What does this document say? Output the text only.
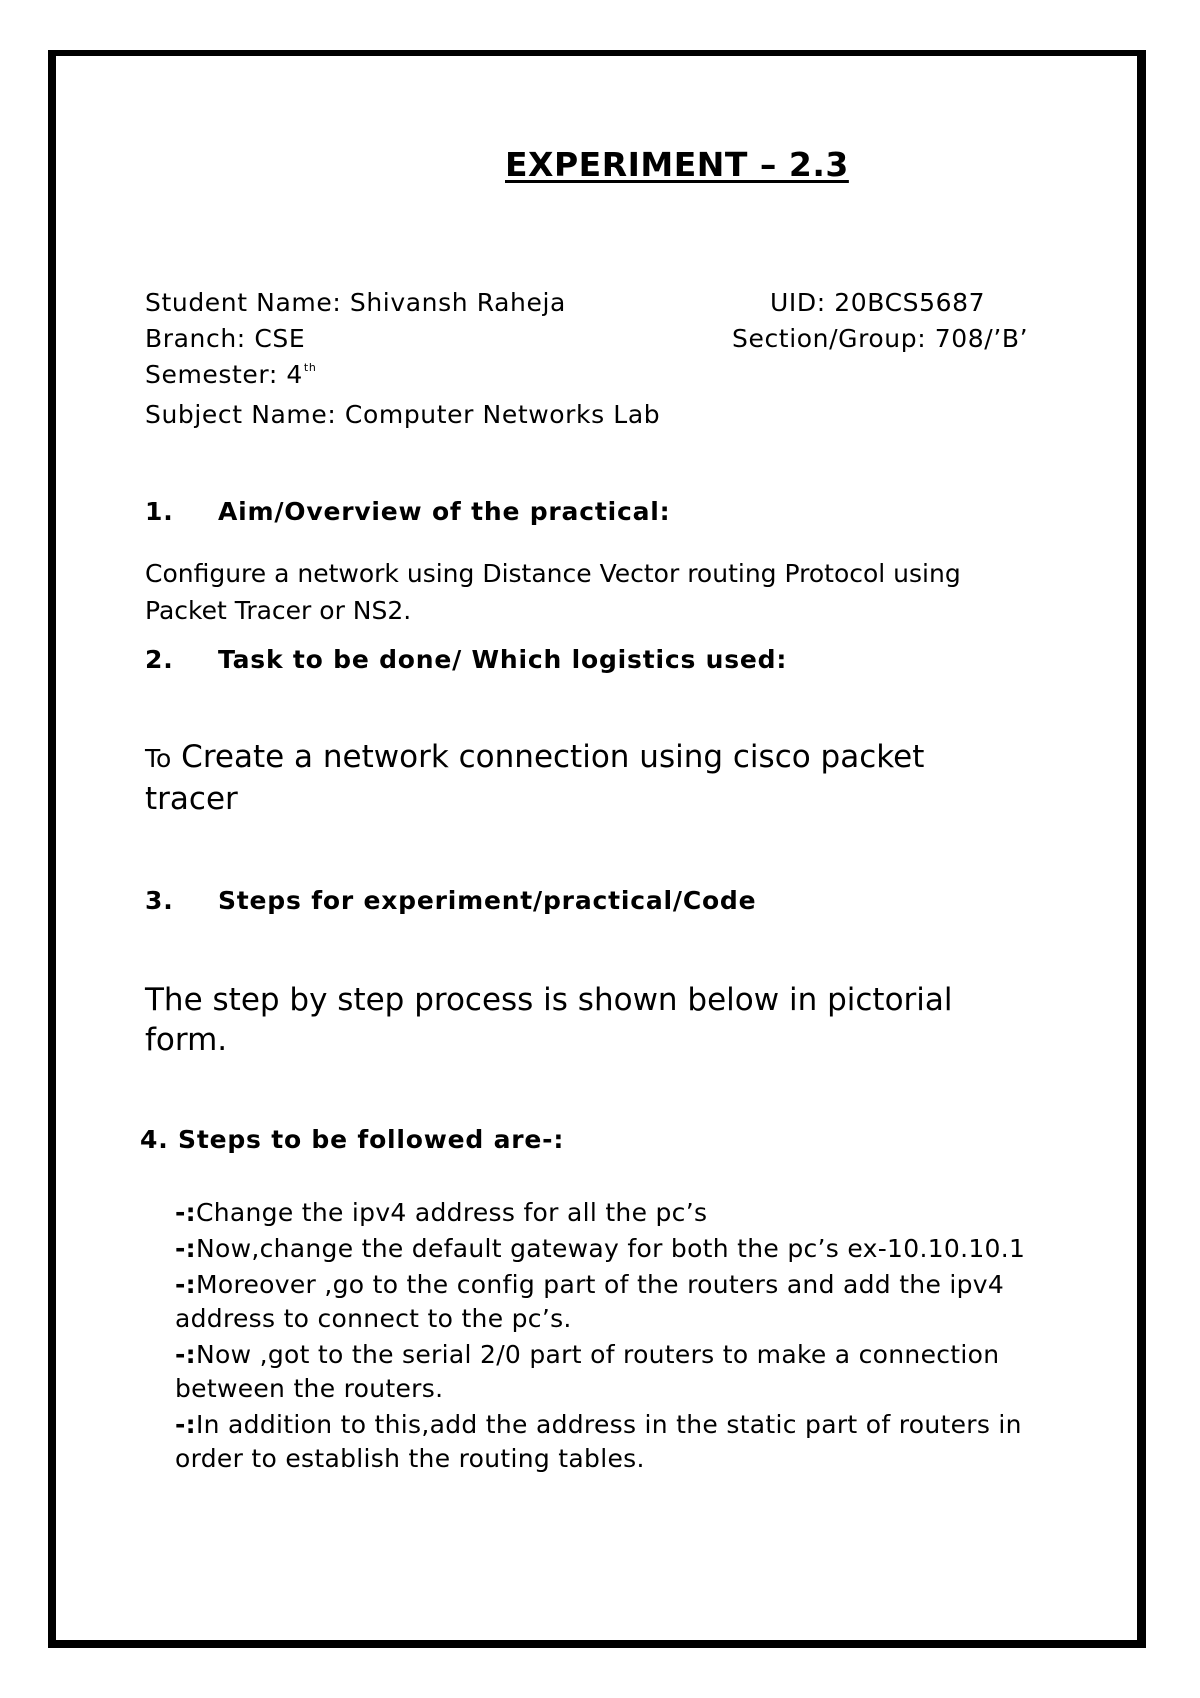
EXPERIMENT – 2.3
Student Name: Shivansh Raheja	UID: 20BCS5687
Branch: CSE	Section/Group: 708/’B’
Semester: 4th
Subject Name: Computer Networks Lab
1. Aim/Overview of the practical:
Configure a network using Distance Vector routing Protocol using Packet Tracer or NS2.
2. Task to be done/ Which logistics used:
To Create a network connection using cisco packet tracer
3. Steps for experiment/practical/Code
The step by step process is shown below in pictorial form.
4. Steps to be followed are-:
-:Change the ipv4 address for all the pc’s
-:Now,change the default gateway for both the pc’s ex-10.10.10.1
-:Moreover ,go to the config part of the routers and add the ipv4 address to connect to the pc’s.
-:Now ,got to the serial 2/0 part of routers to make a connection between the routers.
-:In addition to this,add the address in the static part of routers in order to establish the routing tables.
